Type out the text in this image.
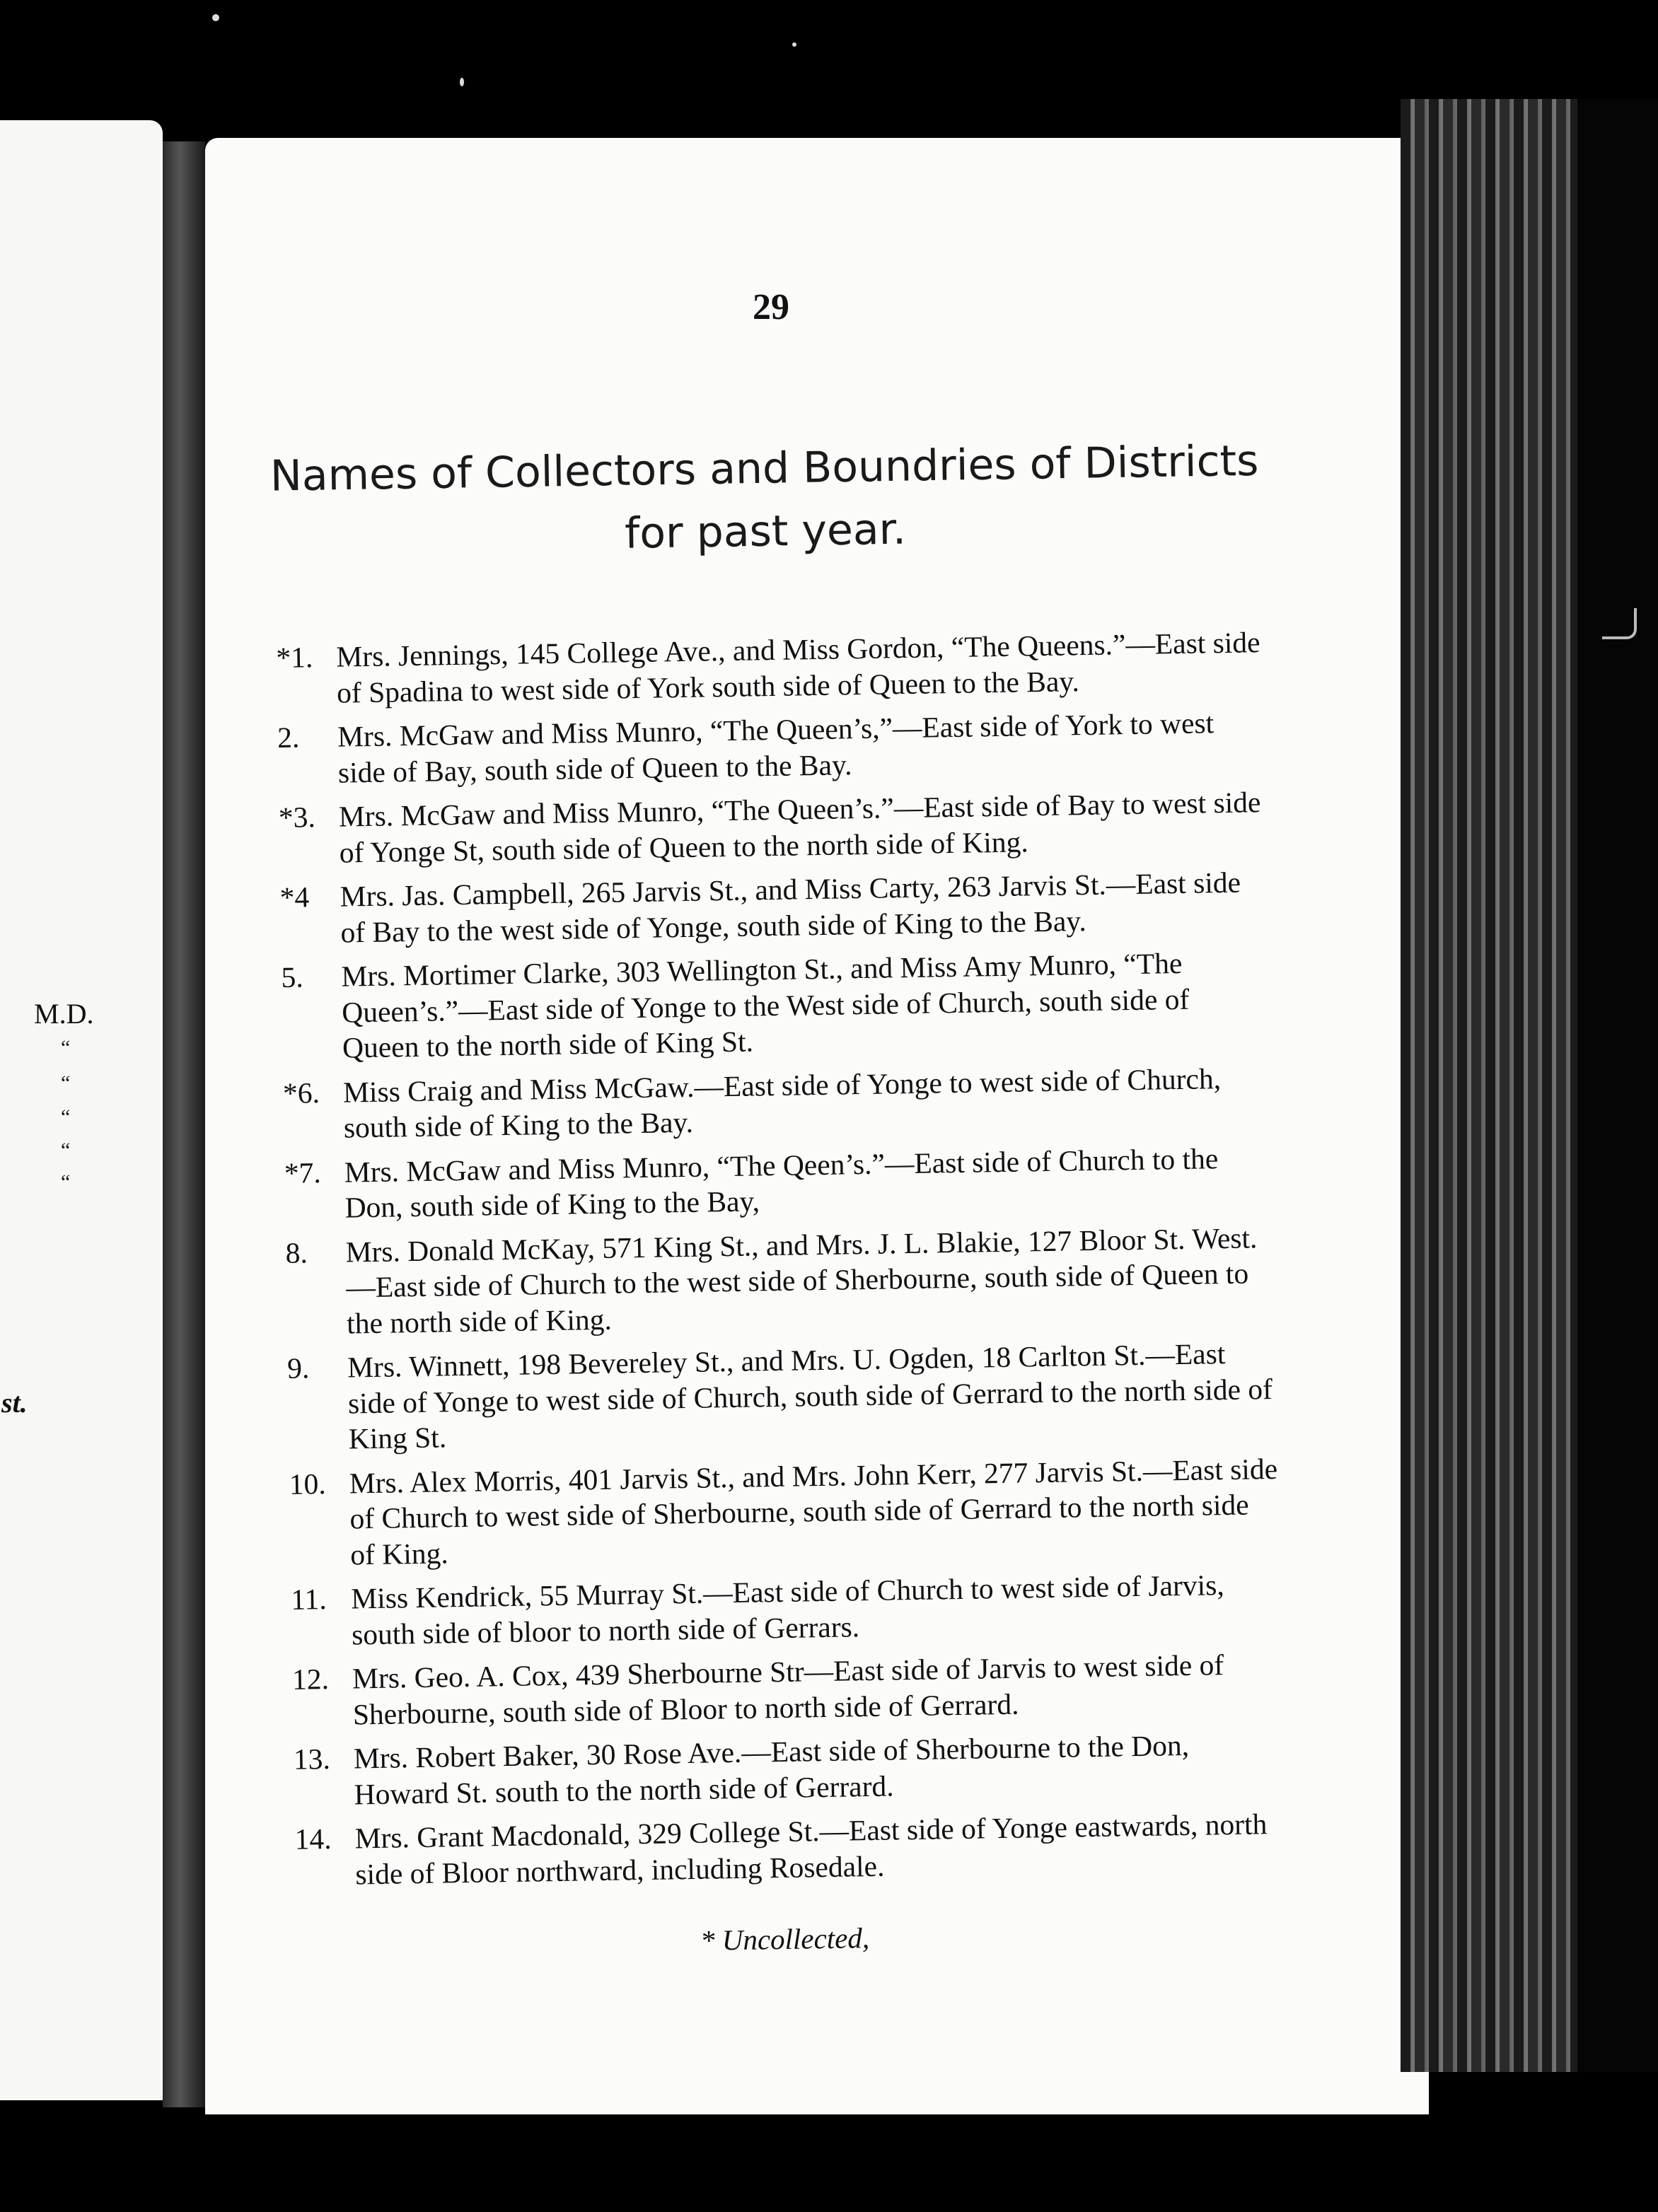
M.D.
“
“
“
“
“
st.
29
Names of Collectors and Boundries of Districts
for past year.
*1. Mrs. Jennings, 145 College Ave., and Miss Gordon, “The Queens.”—East side of Spadina to west side of York south side of Queen to the Bay.
2.	Mrs. McGaw and Miss Munro, “The Queen’s,”—East side of York to west side of Bay, south side of Queen to the Bay.
*3. Mrs. McGaw and Miss Munro, “The Queen’s.”—East side of Bay to west side of Yonge St, south side of Queen to the north side of King.
*4	Mrs. Jas. Campbell, 265 Jarvis St., and Miss Carty, 263 Jarvis St.—East side of Bay to the west side of Yonge, south side of King to the Bay.
5.	Mrs. Mortimer Clarke, 303 Wellington St., and Miss Amy Munro, “The Queen’s.”—East side of Yonge to the West side of Church, south side of Queen to the north side of King St.
*6. Miss Craig and Miss McGaw.—East side of Yonge to west side of Church, south side of King to the Bay.
*7. Mrs. McGaw and Miss Munro, “The Qeen’s.”—East side of Church to the Don, south side of King to the Bay,
8.	Mrs. Donald McKay, 571 King St., and Mrs. J. L. Blakie, 127 Bloor St. West.—East side of Church to the west side of Sherbourne, south side of Queen to the north side of King.
9.	Mrs. Winnett, 198 Bevereley St., and Mrs. U. Ogden, 18 Carlton St.—East side of Yonge to west side of Church, south side of Gerrard to the north side of King St.
10. Mrs. Alex Morris, 401 Jarvis St., and Mrs. John Kerr, 277 Jarvis St.—East side of Church to west side of Sherbourne, south side of Gerrard to the north side of King.
11. Miss Kendrick, 55 Murray St.—East side of Church to west side of Jarvis, south side of bloor to north side of Gerrars.
12. Mrs. Geo. A. Cox, 439 Sherbourne Str—East side of Jarvis to west side of Sherbourne, south side of Bloor to north side of Gerrard.
13. Mrs. Robert Baker, 30 Rose Ave.—East side of Sherbourne to the Don, Howard St. south to the north side of Gerrard.
14. Mrs. Grant Macdonald, 329 College St.—East side of Yonge eastwards, north side of Bloor northward, including Rosedale.
* Uncollected,
